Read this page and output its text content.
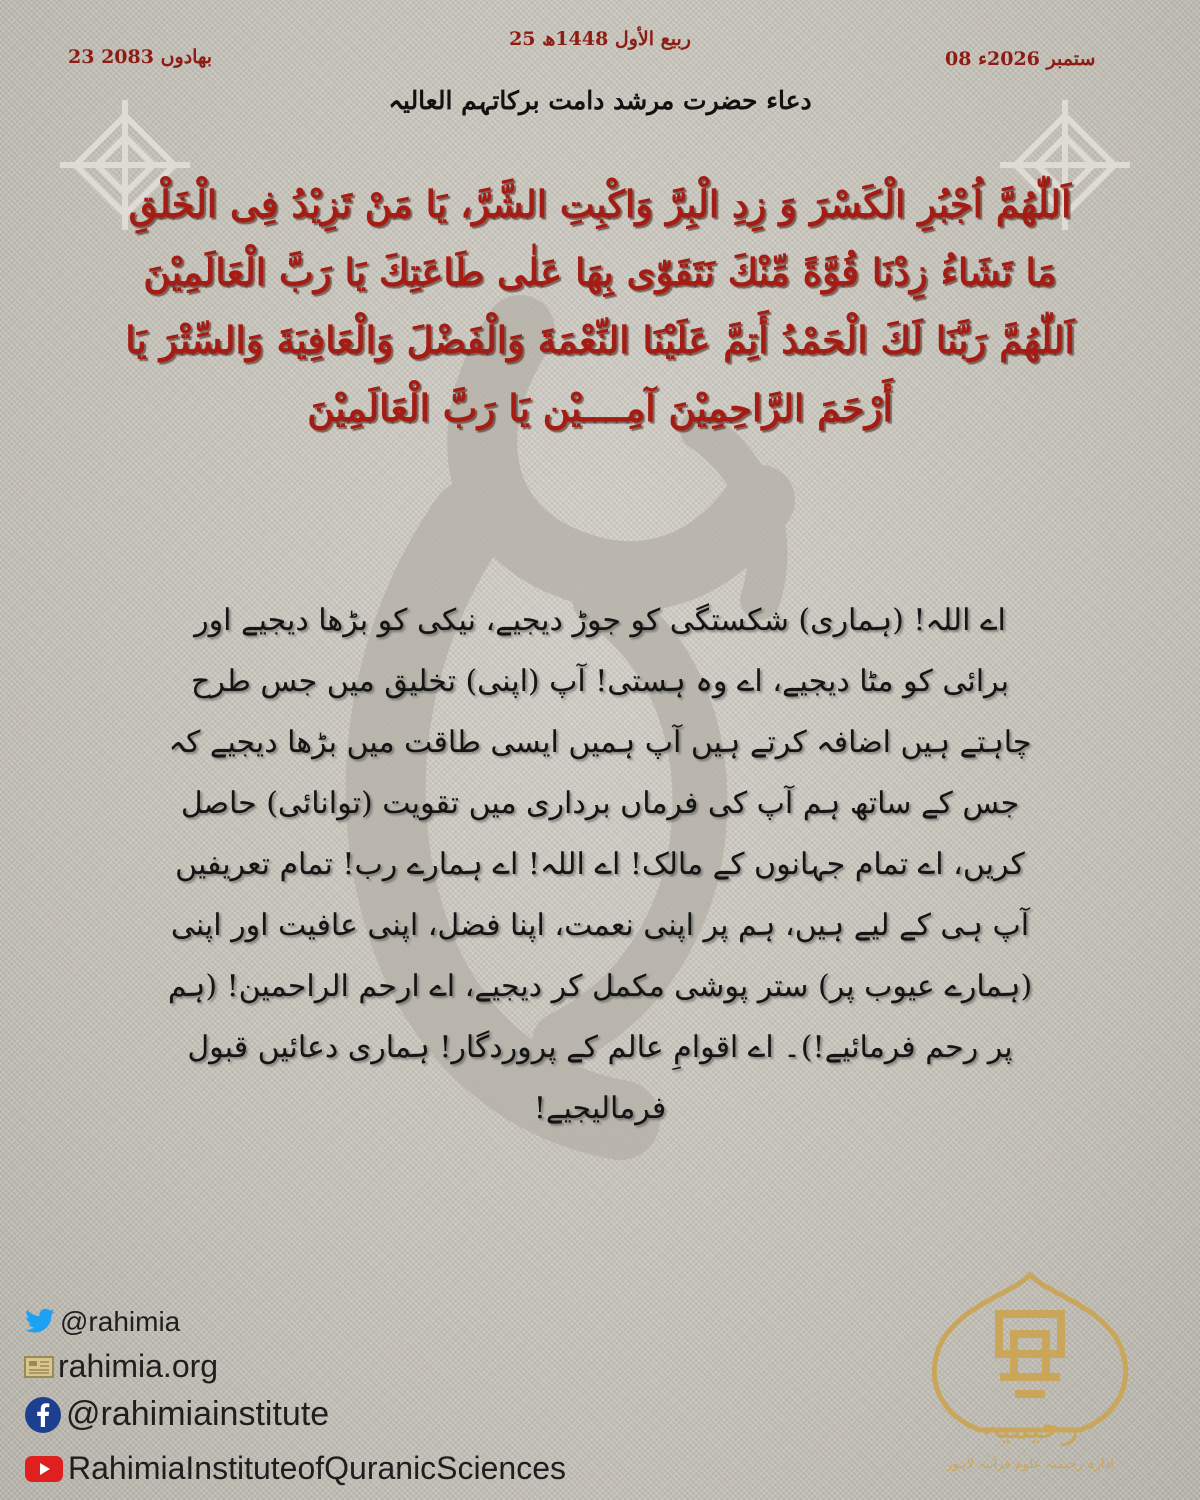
25 ربیع الأول 1448ھ
08 ستمبر 2026ء
23 بھادوں 2083
دعاء حضرت مرشد دامت برکاتہم العالیہ
اَللّٰهُمَّ اُجْبُرِ الْكَسْرَ وَ زِدِ الْبِرَّ وَاكْبِتِ الشَّرَّ، يَا مَنْ تَزِيْدُ فِى الْخَلْقِ مَا تَشَاءُ زِدْنَا قُوَّةً مِّنْكَ نَتَقَوّٰى بِهَا عَلٰى طَاعَتِكَ يَا رَبَّ الْعَالَمِيْنَ اَللّٰهُمَّ رَبَّنَا لَكَ الْحَمْدُ أَتِمَّ عَلَيْنَا النِّعْمَةَ وَالْفَضْلَ وَالْعَافِيَةَ وَالسِّتْرَ يَا أَرْحَمَ الرَّاحِمِيْنَ آمِــــيْن يَا رَبَّ الْعَالَمِيْنَ
اے اللہ! (ہماری) شکستگی کو جوڑ دیجیے، نیکی کو بڑھا دیجیے اور برائی کو مٹا دیجیے، اے وہ ہستی! آپ (اپنی) تخلیق میں جس طرح چاہتے ہیں اضافہ کرتے ہیں آپ ہمیں ایسی طاقت میں بڑھا دیجیے کہ جس کے ساتھ ہم آپ کی فرماں برداری میں تقویت (توانائی) حاصل کریں، اے تمام جہانوں کے مالک! اے اللہ! اے ہمارے رب! تمام تعریفیں آپ ہی کے لیے ہیں، ہم پر اپنی نعمت، اپنا فضل، اپنی عافیت اور اپنی (ہمارے عیوب پر) ستر پوشی مکمل کر دیجیے، اے ارحم الراحمین! (ہم پر رحم فرمائیے!)۔ اے اقوامِ عالم کے پروردگار! ہماری دعائیں قبول فرمالیجیے!
@rahimia
rahimia.org
@rahimiainstitute
RahimiaInstituteofQuranicSciences
رحیمیہ
ادارہ رحیمیہ علوم قرآنیہ لاہور
